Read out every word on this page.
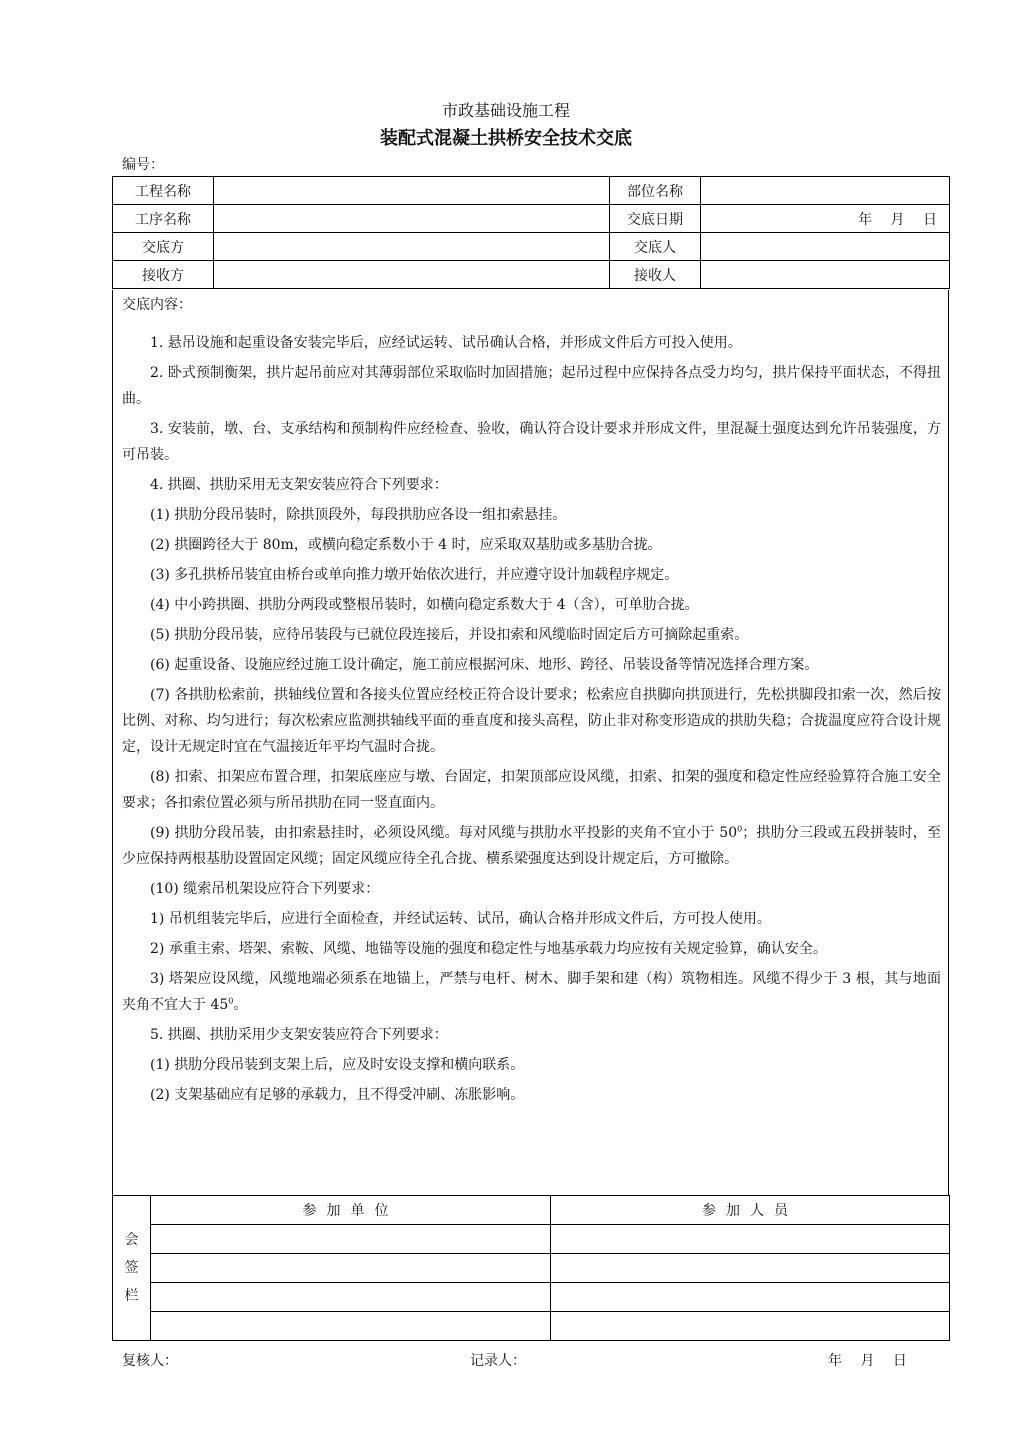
市政基础设施工程
装配式混凝土拱桥安全技术交底
编号：
工程名称		部位名称	
工序名称		交底日期	年 月 日
交底方		交底人	
接收方		接收人	
交底内容：

1. 悬吊设施和起重设备安装完毕后，应经试运转、试吊确认合格，并形成文件后方可投入使用。

2. 卧式预制衡架，拱片起吊前应对其薄弱部位采取临时加固措施；起吊过程中应保持各点受力均匀，拱片保持平面状态，不得扭曲。

3. 安装前，墩、台、支承结构和预制构件应经检查、验收，确认符合设计要求并形成文件，里混凝土强度达到允许吊装强度，方可吊装。

4. 拱圈、拱肋采用无支架安装应符合下列要求：

(1) 拱肋分段吊装时，除拱顶段外，每段拱肋应各设一组扣索悬挂。

(2) 拱圈跨径大于 80m，或横向稳定系数小于 4 时，应采取双基肋或多基肋合拢。

(3) 多孔拱桥吊装宜由桥台或单向推力墩开始依次进行，并应遵守设计加载程序规定。

(4) 中小跨拱圈、拱肋分两段或整根吊装时，如横向稳定系数大于 4（含），可单肋合拢。

(5) 拱肋分段吊装，应待吊装段与已就位段连接后，并设扣索和风缆临时固定后方可摘除起重索。

(6) 起重设备、设施应经过施工设计确定，施工前应根据河床、地形、跨径、吊装设备等情况选择合理方案。

(7) 各拱肋松索前，拱轴线位置和各接头位置应经校正符合设计要求；松索应自拱脚向拱顶进行，先松拱脚段扣索一次，然后按比例、对称、均匀进行；每次松索应监测拱轴线平面的垂直度和接头高程，防止非对称变形造成的拱肋失稳；合拢温度应符合设计规定，设计无规定时宜在气温接近年平均气温时合拢。

(8) 扣索、扣架应布置合理，扣架底座应与墩、台固定，扣架顶部应设风缆，扣索、扣架的强度和稳定性应经验算符合施工安全要求；各扣索位置必须与所吊拱肋在同一竖直面内。

(9) 拱肋分段吊装，由扣索悬挂时，必须设风缆。每对风缆与拱肋水平投影的夹角不宜小于 $50^0$；拱肋分三段或五段拼装时，至少应保持两根基肋设置固定风缆；固定风缆应待全孔合拢、横系梁强度达到设计规定后，方可撤除。

(10) 缆索吊机架设应符合下列要求：

1) 吊机组装完毕后，应进行全面检查，并经试运转、试吊，确认合格并形成文件后，方可投人使用。

2) 承重主索、塔架、索鞍、风缆、地锚等设施的强度和稳定性与地基承载力均应按有关规定验算，确认安全。

3) 塔架应设风缆，风缆地端必须系在地锚上，严禁与电杆、树木、脚手架和建（构）筑物相连。风缆不得少于 3 根，其与地面夹角不宜大于 $45^0$。

5. 拱圈、拱肋采用少支架安装应符合下列要求：

(1) 拱肋分段吊装到支架上后，应及时安设支撑和横向联系。

(2) 支架基础应有足够的承载力，且不得受冲刷、冻胀影响。

会
签
栏	参加单位	参加人员

复核人：	记录人：	年 月 日
